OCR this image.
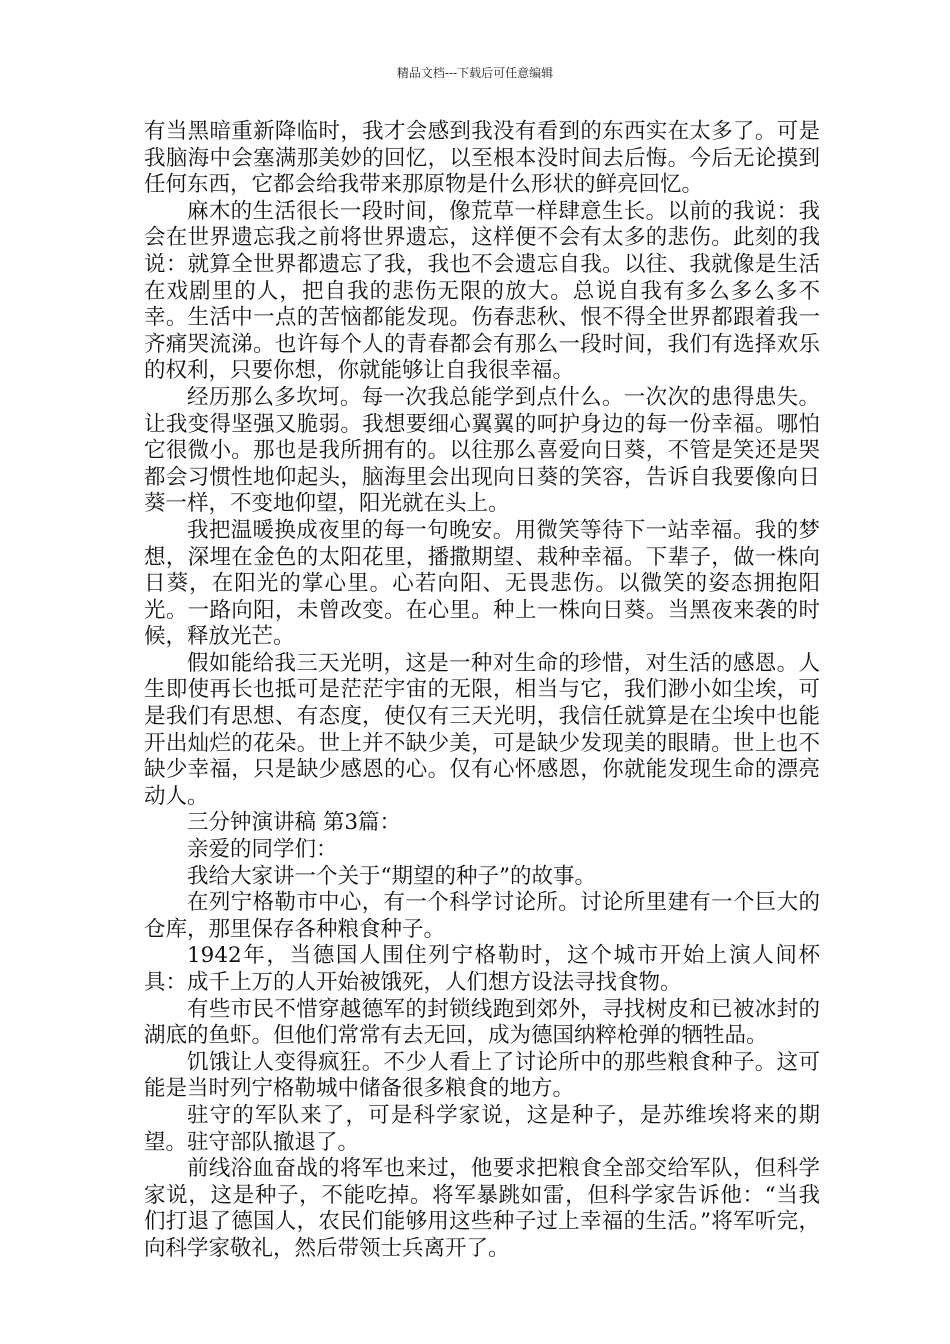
精品文档---下载后可任意编辑

有当黑暗重新降临时，我才会感到我没有看到的东西实在太多了。可是我脑海中会塞满那美妙的回忆，以至根本没时间去后悔。今后无论摸到任何东西，它都会给我带来那原物是什么形状的鲜亮回忆。

麻木的生活很长一段时间，像荒草一样肆意生长。以前的我说：我会在世界遗忘我之前将世界遗忘，这样便不会有太多的悲伤。此刻的我说：就算全世界都遗忘了我，我也不会遗忘自我。以往、我就像是生活在戏剧里的人，把自我的悲伤无限的放大。总说自我有多么多么多不幸。生活中一点的苦恼都能发现。伤春悲秋、恨不得全世界都跟着我一齐痛哭流涕。也许每个人的青春都会有那么一段时间，我们有选择欢乐的权利，只要你想，你就能够让自我很幸福。

经历那么多坎坷。每一次我总能学到点什么。一次次的患得患失。让我变得坚强又脆弱。我想要细心翼翼的呵护身边的每一份幸福。哪怕它很微小。那也是我所拥有的。以往那么喜爱向日葵，不管是笑还是哭都会习惯性地仰起头，脑海里会出现向日葵的笑容，告诉自我要像向日葵一样，不变地仰望，阳光就在头上。

我把温暖换成夜里的每一句晚安。用微笑等待下一站幸福。我的梦想，深埋在金色的太阳花里，播撒期望、栽种幸福。下辈子，做一株向日葵，在阳光的掌心里。心若向阳、无畏悲伤。以微笑的姿态拥抱阳光。一路向阳，未曾改变。在心里。种上一株向日葵。当黑夜来袭的时候，释放光芒。

假如能给我三天光明，这是一种对生命的珍惜，对生活的感恩。人生即使再长也抵可是茫茫宇宙的无限，相当与它，我们渺小如尘埃，可是我们有思想、有态度，使仅有三天光明，我信任就算是在尘埃中也能开出灿烂的花朵。世上并不缺少美，可是缺少发现美的眼睛。世上也不缺少幸福，只是缺少感恩的心。仅有心怀感恩，你就能发现生命的漂亮动人。

三分钟演讲稿 第3篇：

亲爱的同学们：

我给大家讲一个关于“期望的种子”的故事。

在列宁格勒市中心，有一个科学讨论所。讨论所里建有一个巨大的仓库，那里保存各种粮食种子。

1942年，当德国人围住列宁格勒时，这个城市开始上演人间杯具：成千上万的人开始被饿死，人们想方设法寻找食物。

有些市民不惜穿越德军的封锁线跑到郊外，寻找树皮和已被冰封的湖底的鱼虾。但他们常常有去无回，成为德国纳粹枪弹的牺牲品。

饥饿让人变得疯狂。不少人看上了讨论所中的那些粮食种子。这可能是当时列宁格勒城中储备很多粮食的地方。

驻守的军队来了，可是科学家说，这是种子，是苏维埃将来的期望。驻守部队撤退了。

前线浴血奋战的将军也来过，他要求把粮食全部交给军队，但科学家说，这是种子，不能吃掉。将军暴跳如雷，但科学家告诉他：“当我们打退了德国人，农民们能够用这些种子过上幸福的生活。”将军听完，向科学家敬礼，然后带领士兵离开了。
